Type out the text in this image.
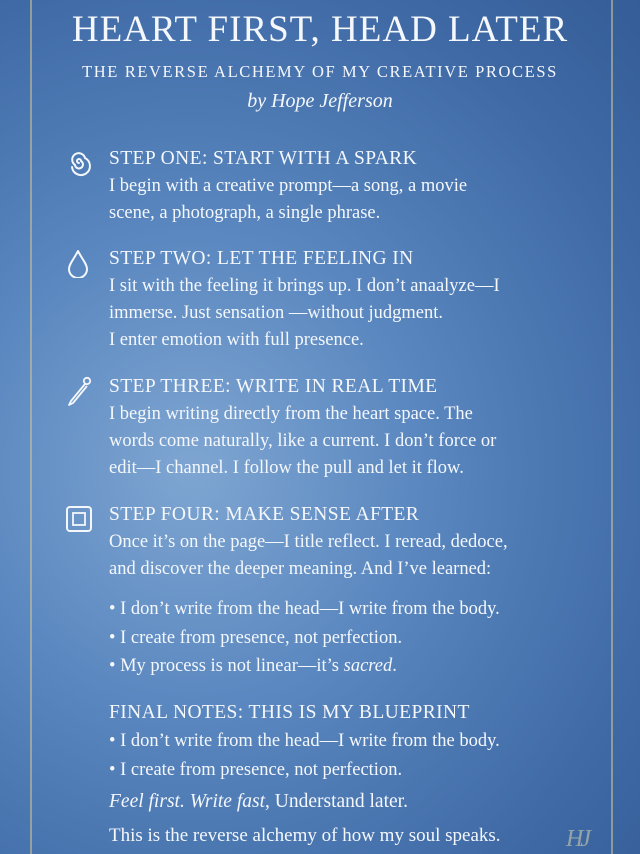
HEART FIRST, HEAD LATER

THE REVERSE ALCHEMY OF MY CREATIVE PROCESS

by Hope Jefferson

STEP ONE: START WITH A SPARK
I begin with a creative prompt—a song, a movie
scene, a photograph, a single phrase.
STEP TWO: LET THE FEELING IN
I sit with the feeling it brings up. I don’t anaalyze—I
immerse. Just sensation —without judgment.
I enter emotion with full presence.
STEP THREE: WRITE IN REAL TIME
I begin writing directly from the heart space. The
words come naturally, like a current. I don’t force or
edit—I channel. I follow the pull and let it flow.
STEP FOUR: MAKE SENSE AFTER
Once it’s on the page—I title reflect. I reread, dedoce,
and discover the deeper meaning. And I’ve learned:
• I don’t write from the head—I write from the body.
• I create from presence, not perfection.
• My process is not linear—it’s sacred.
FINAL NOTES: THIS IS MY BLUEPRINT
• I don’t write from the head—I write from the body.
• I create from presence, not perfection.
Feel first. Write fast, Understand later.
This is the reverse alchemy of how my soul speaks.	HJ
